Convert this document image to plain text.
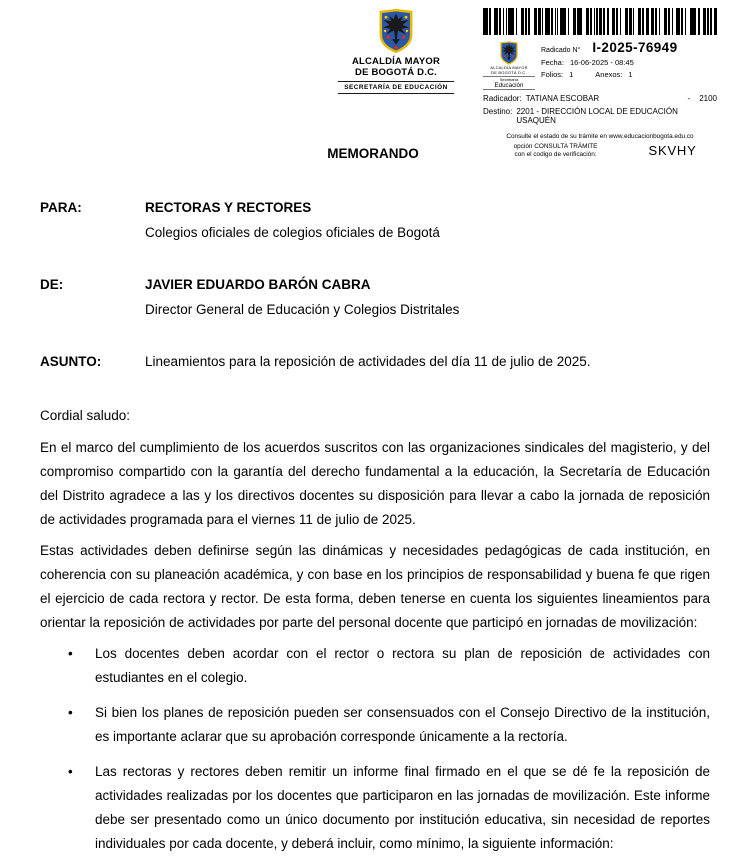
ALCALDÍA MAYOR
DE BOGOTÁ D.C.
SECRETARÍA DE EDUCACIÓN
ALCALDÍA MAYOR
DE BOGOTÁ D.C.
Secretaría
Educación
Radicado N° I-2025-76949
Fecha: 16-06-2025 - 08:45
Folios: 1	Anexos: 1
Radicador: TATIANA ESCOBAR	- 2100
Destino: 2201 - DIRECCIÓN LOCAL DE EDUCACIÓN USAQUÉN
Consulte el estado de su trámite en www.educacionbogota.edu.co
opción CONSULTA TRÁMITE
con el codigo de verificación:	SKVHY
MEMORANDO
PARA:	RECTORAS Y RECTORES
Colegios oficiales de colegios oficiales de Bogotá
DE:	JAVIER EDUARDO BARÓN CABRA
Director General de Educación y Colegios Distritales
ASUNTO:	Lineamientos para la reposición de actividades del día 11 de julio de 2025.
Cordial saludo:

En el marco del cumplimiento de los acuerdos suscritos con las organizaciones sindicales del magisterio, y del compromiso compartido con la garantía del derecho fundamental a la educación, la Secretaría de Educación del Distrito agradece a las y los directivos docentes su disposición para llevar a cabo la jornada de reposición de actividades programada para el viernes 11 de julio de 2025.

Estas actividades deben definirse según las dinámicas y necesidades pedagógicas de cada institución, en coherencia con su planeación académica, y con base en los principios de responsabilidad y buena fe que rigen el ejercicio de cada rectora y rector. De esta forma, deben tenerse en cuenta los siguientes lineamientos para orientar la reposición de actividades por parte del personal docente que participó en jornadas de movilización:

• Los docentes deben acordar con el rector o rectora su plan de reposición de actividades con estudiantes en el colegio.
• Si bien los planes de reposición pueden ser consensuados con el Consejo Directivo de la institución, es importante aclarar que su aprobación corresponde únicamente a la rectoría.
• Las rectoras y rectores deben remitir un informe final firmado en el que se dé fe la reposición de actividades realizadas por los docentes que participaron en las jornadas de movilización. Este informe debe ser presentado como un único documento por institución educativa, sin necesidad de reportes individuales por cada docente, y deberá incluir, como mínimo, la siguiente información:
